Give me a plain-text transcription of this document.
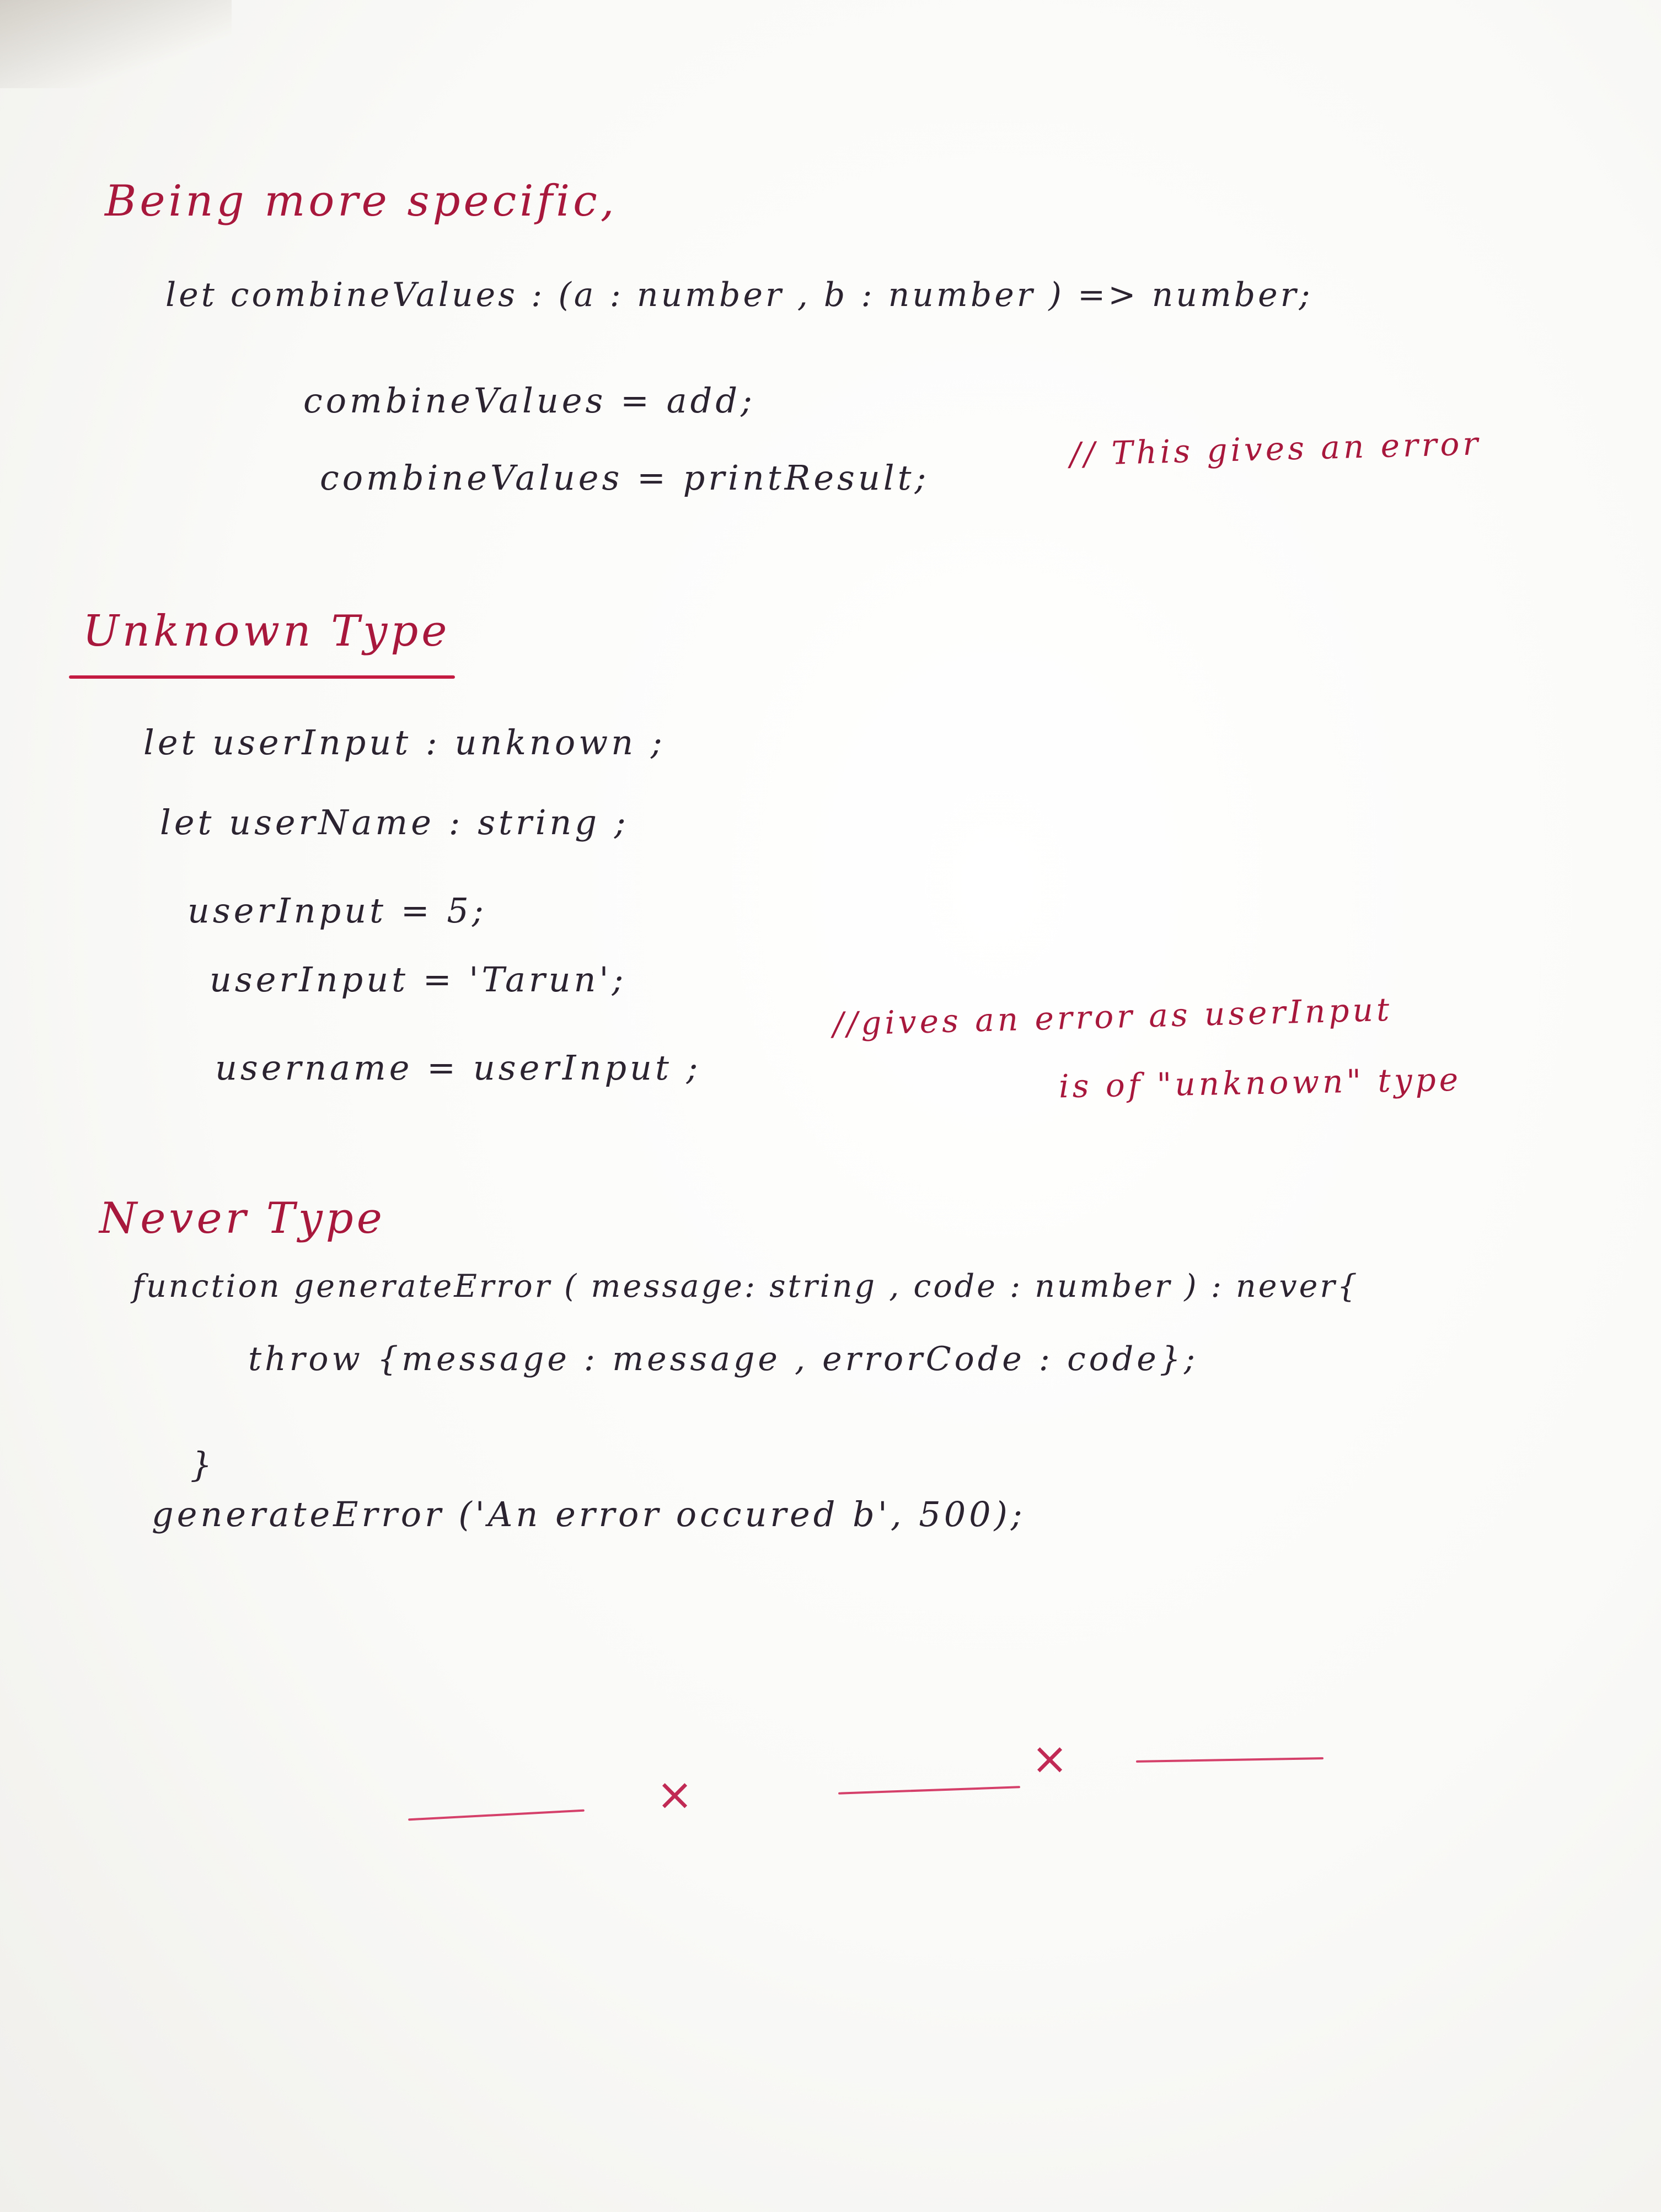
Being more specific,
let combineValues : (a : number , b : number ) => number;
combineValues = add;
combineValues = printResult;
// This gives an error
Unknown Type
let userInput : unknown ;
let userName : string ;
userInput = 5;
userInput = 'Tarun';
username = userInput ;
//gives an error as userInput
is of "unknown" type
Never Type
function generateError ( message: string , code : number ) : never{
throw {message : message , errorCode : code};
}
generateError ('An error occured b', 500);
×
×
